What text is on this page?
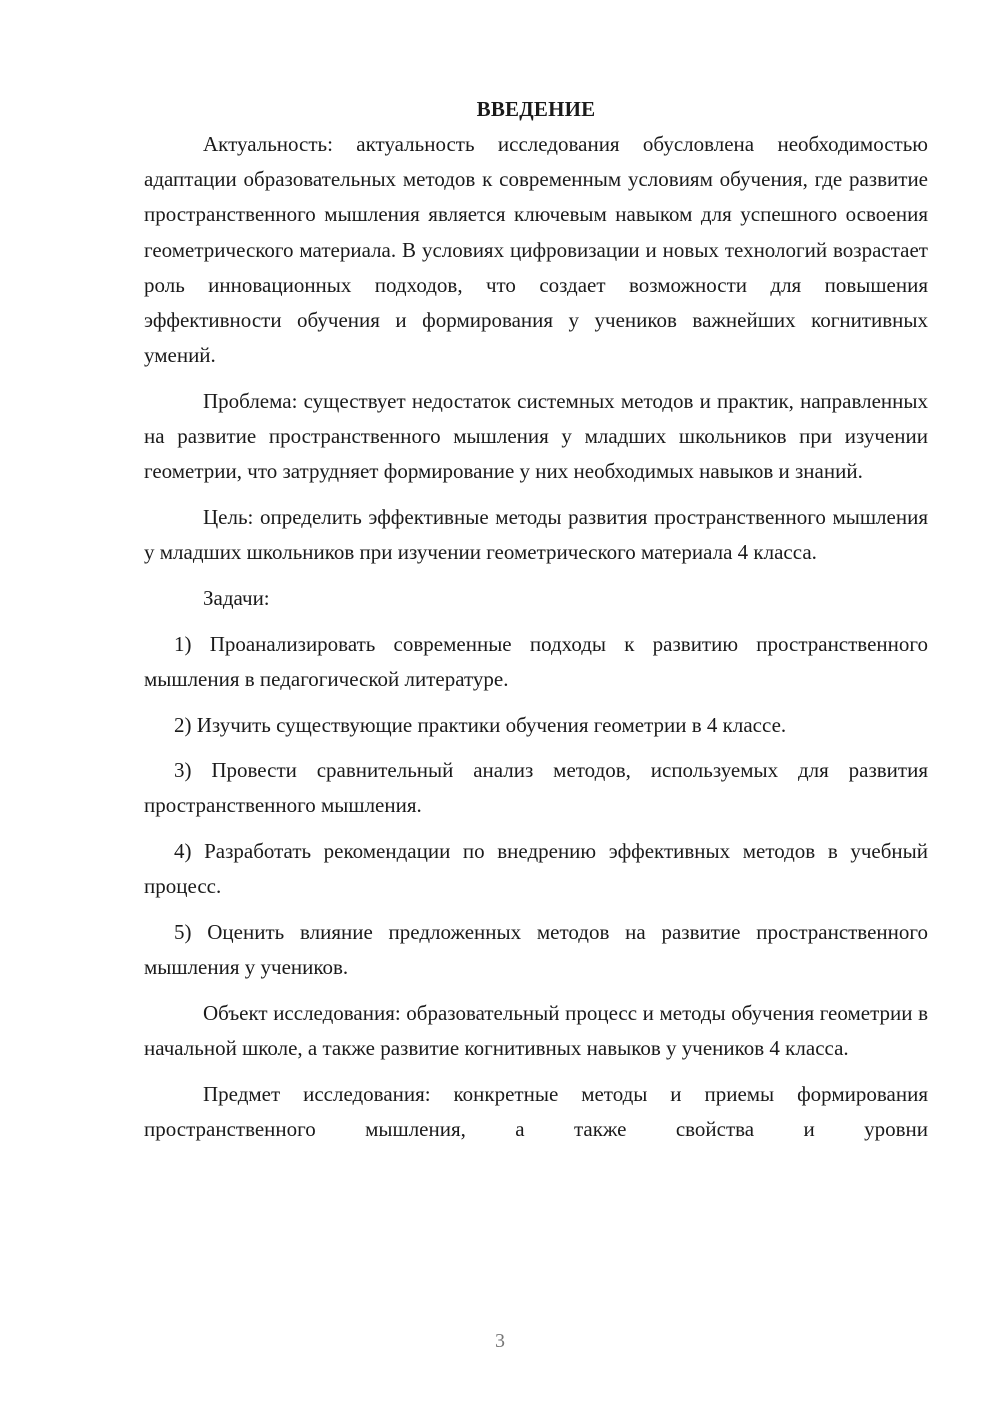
ВВЕДЕНИЕ

Актуальность: актуальность исследования обусловлена необходимостью адаптации образовательных методов к современным условиям обучения, где развитие пространственного мышления является ключевым навыком для успешного освоения геометрического материала. В условиях цифровизации и новых технологий возрастает роль инновационных подходов, что создает возможности для повышения эффективности обучения и формирования у учеников важнейших когнитивных умений.

Проблема: существует недостаток системных методов и практик, направленных на развитие пространственного мышления у младших школьников при изучении геометрии, что затрудняет формирование у них необходимых навыков и знаний.

Цель: определить эффективные методы развития пространственного мышления у младших школьников при изучении геометрического материала 4 класса.

Задачи:

1) Проанализировать современные подходы к развитию пространственного мышления в педагогической литературе.

2) Изучить существующие практики обучения геометрии в 4 классе.

3) Провести сравнительный анализ методов, используемых для развития пространственного мышления.

4) Разработать рекомендации по внедрению эффективных методов в учебный процесс.

5) Оценить влияние предложенных методов на развитие пространственного мышления у учеников.

Объект исследования: образовательный процесс и методы обучения геометрии в начальной школе, а также развитие когнитивных навыков у учеников 4 класса.

Предмет исследования: конкретные методы и приемы формирования пространственного мышления, а также свойства и уровни

3
